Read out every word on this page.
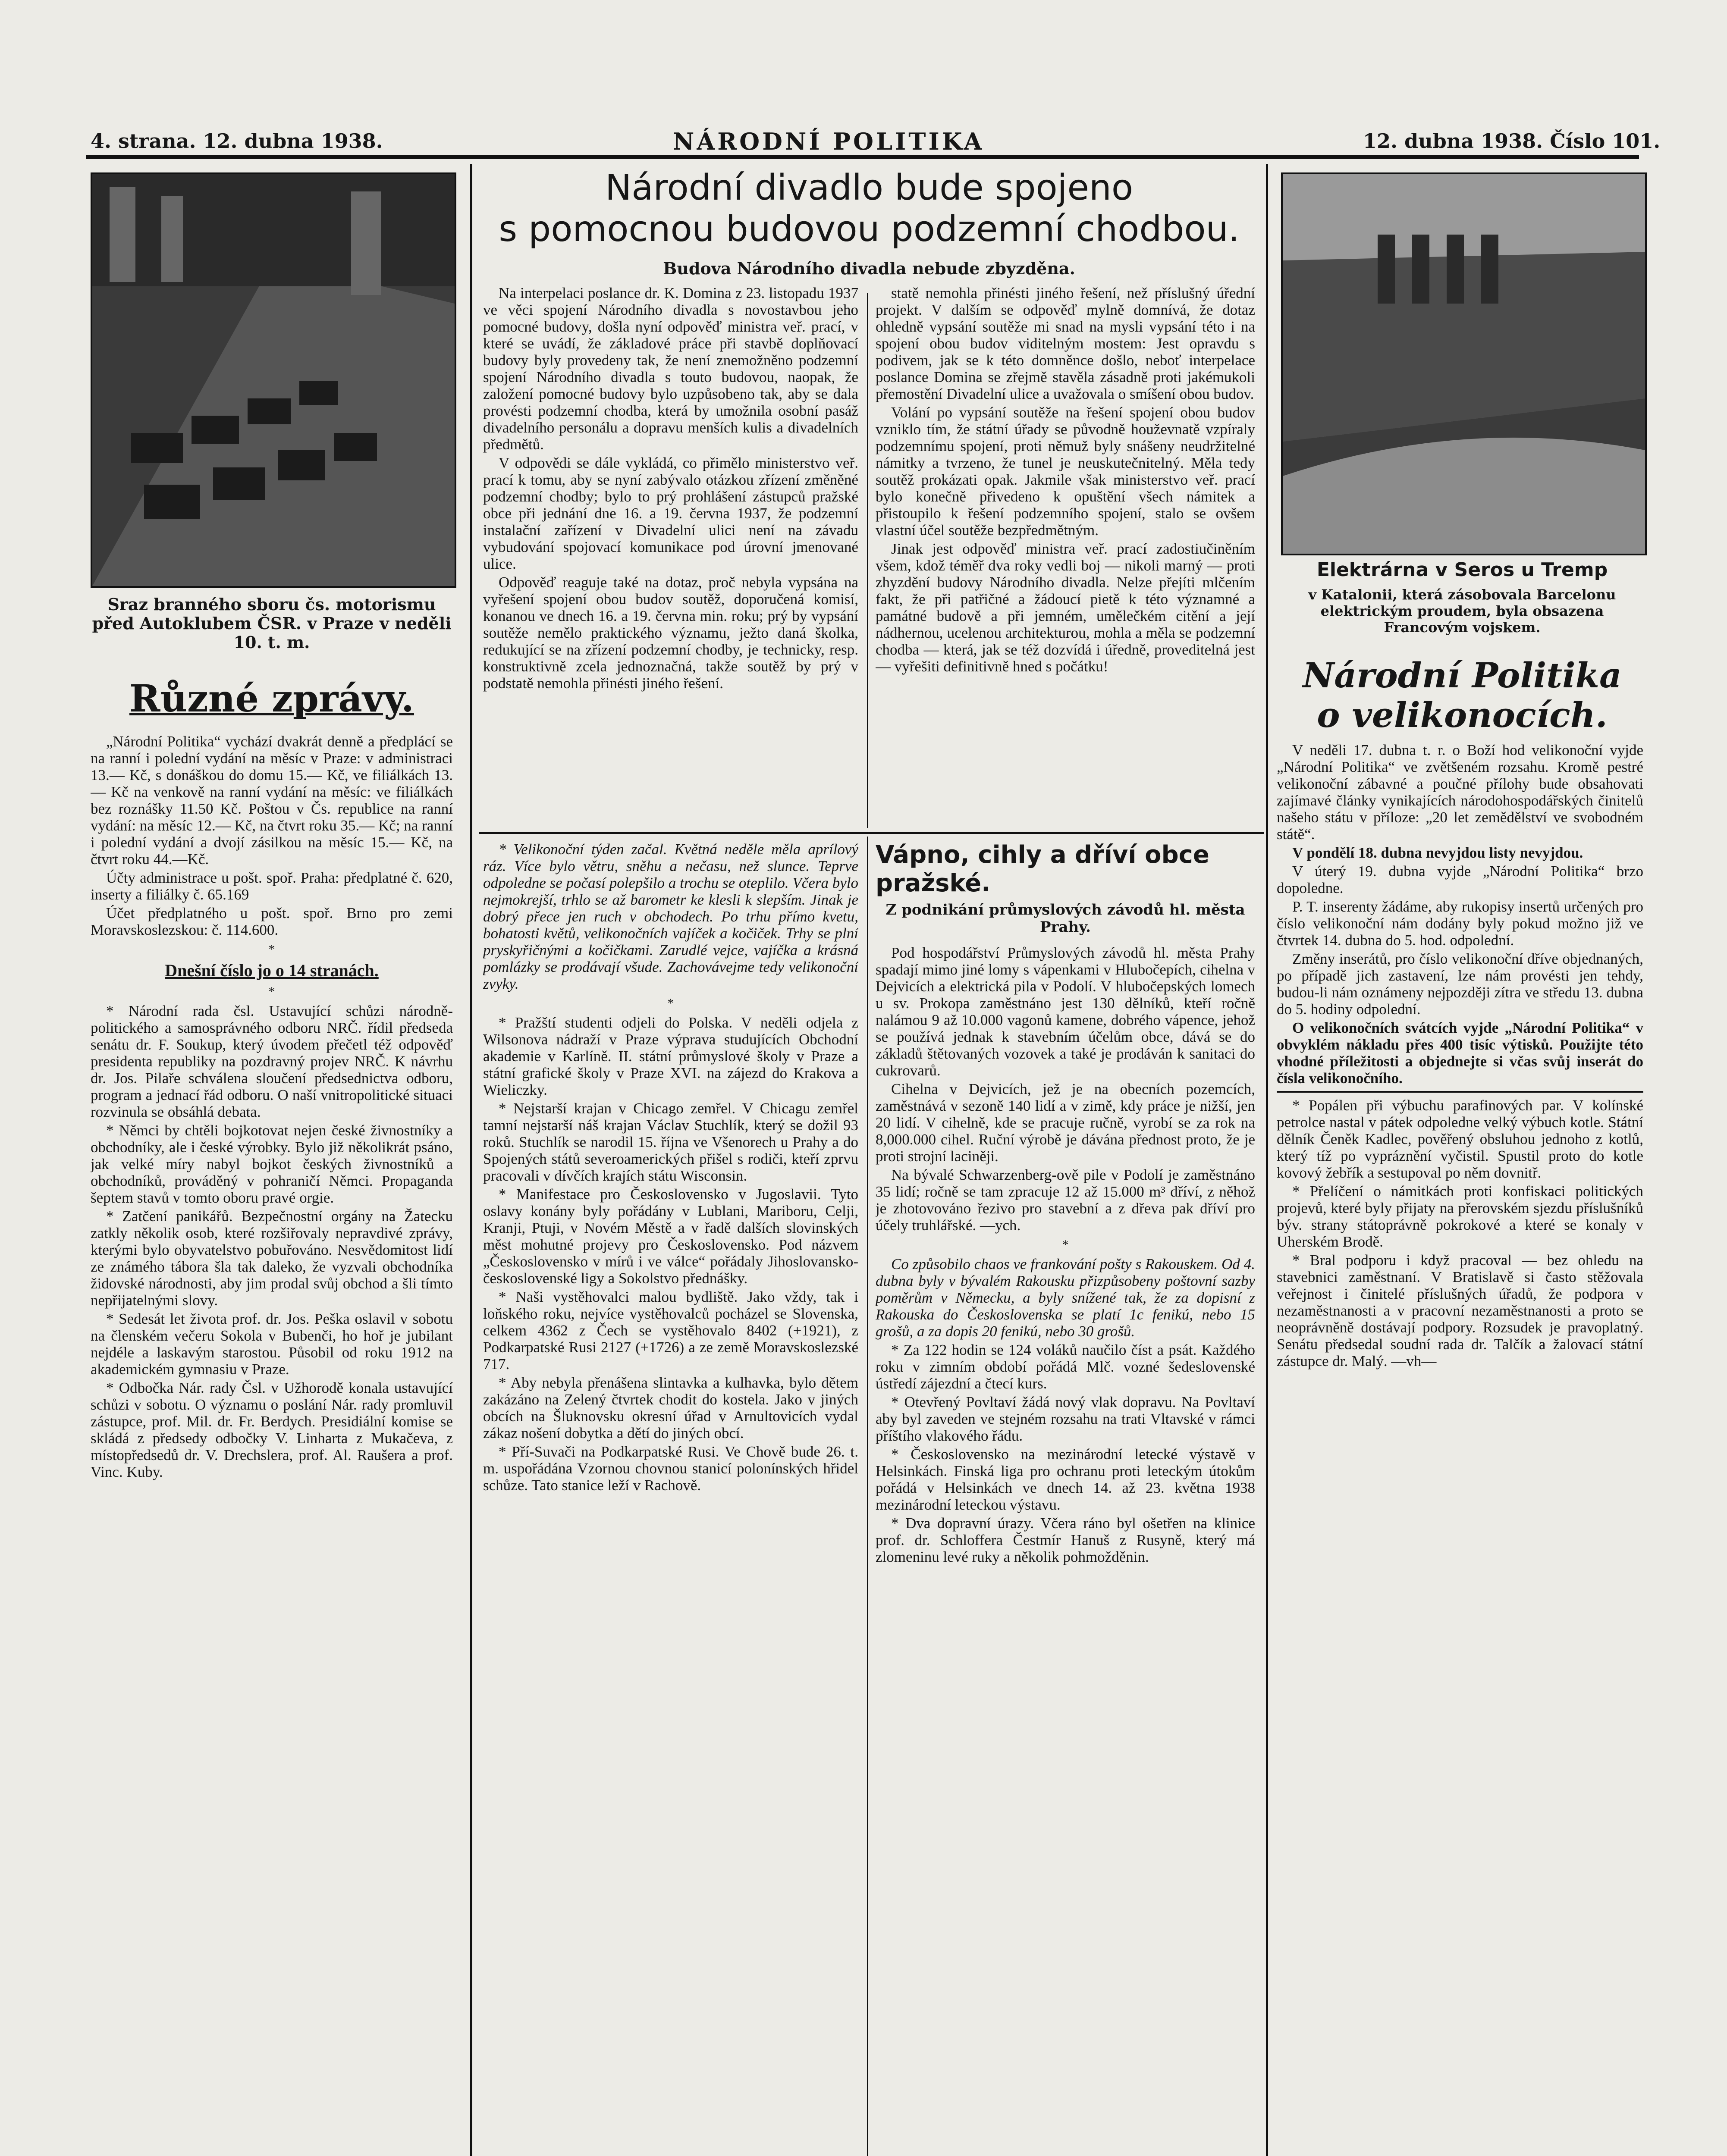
4. strana. 12. dubna 1938.	NÁRODNÍ POLITIKA	12. dubna 1938. Číslo 101.
Sraz branného sboru čs. motorismu před Autoklubem ČSR. v Praze v neděli 10. t. m.
Různé zprávy.

„Národní Politika“ vychází dvakrát denně a předplácí se na ranní i polední vydání na měsíc v Praze: v administraci 13.— Kč, s donáškou do domu 15.— Kč, ve filiálkách 13.— Kč na venkově na ranní vydání na měsíc: ve filiálkách bez roznášky 11.50 Kč. Poštou v Čs. republice na ranní vydání: na měsíc 12.— Kč, na čtvrt roku 35.— Kč; na ranní i polední vydání a dvojí zásilkou na měsíc 15.— Kč, na čtvrt roku 44.—Kč.

Účty administrace u pošt. spoř. Praha: předplatné č. 620, inserty a filiálky č. 65.169

Účet předplatného u pošt. spoř. Brno pro zemi Moravskoslezskou: č. 114.600.

*
Dnešní číslo jo o 14 stranách.
*

* Národní rada čsl. Ustavující schůzi národně-politického a samosprávného odboru NRČ. řídil předseda senátu dr. F. Soukup, který úvodem přečetl též odpověď presidenta republiky na pozdravný projev NRČ. K návrhu dr. Jos. Pilaře schválena sloučení předsednictva odboru, program a jednací řád odboru. O naší vnitropolitické situaci rozvinula se obsáhlá debata.

* Němci by chtěli bojkotovat nejen české živnostníky a obchodníky, ale i české výrobky. Bylo již několikrát psáno, jak velké míry nabyl bojkot českých živnostníků a obchodníků, prováděný v pohraničí Němci. Propaganda šeptem stavů v tomto oboru pravé orgie.

* Zatčení panikářů. Bezpečnostní orgány na Žatecku zatkly několik osob, které rozšiřovaly nepravdivé zprávy, kterými bylo obyvatelstvo pobuřováno. Nesvědomitost lidí ze známého tábora šla tak daleko, že vyzvali obchodníka židovské národnosti, aby jim prodal svůj obchod a šli tímto nepřijatelnými slovy.

* Sedesát let života prof. dr. Jos. Peška oslavil v sobotu na členském večeru Sokola v Bubenči, ho hoř je jubilant nejdéle a laskavým starostou. Působil od roku 1912 na akademickém gymnasiu v Praze.

* Odbočka Nár. rady Čsl. v Užhorodě konala ustavující schůzi v sobotu. O významu o poslání Nár. rady promluvil zástupce, prof. Mil. dr. Fr. Berdych. Presidiální komise se skládá z předsedy odbočky V. Linharta z Mukačeva, z místopředsedů dr. V. Drechslera, prof. Al. Raušera a prof. Vinc. Kuby.

Národní divadlo bude spojeno
s pomocnou budovou podzemní chodbou.
Budova Národního divadla nebude zbyzděna.

Na interpelaci poslance dr. K. Domina z 23. listopadu 1937 ve věci spojení Národního divadla s novostavbou jeho pomocné budovy, došla nyní odpověď ministra veř. prací, v které se uvádí, že základové práce při stavbě doplňovací budovy byly provedeny tak, že není znemožněno podzemní spojení Národního divadla s touto budovou, naopak, že založení pomocné budovy bylo uzpůsobeno tak, aby se dala provésti podzemní chodba, která by umožnila osobní pasáž divadelního personálu a dopravu menších kulis a divadelních předmětů.

V odpovědi se dále vykládá, co přimělo ministerstvo veř. prací k tomu, aby se nyní zabývalo otázkou zřízení změněné podzemní chodby; bylo to prý prohlášení zástupců pražské obce při jednání dne 16. a 19. června 1937, že podzemní instalační zařízení v Divadelní ulici není na závadu vybudování spojovací komunikace pod úrovní jmenované ulice.

Odpověď reaguje také na dotaz, proč nebyla vypsána na vyřešení spojení obou budov soutěž, doporučená komisí, konanou ve dnech 16. a 19. června min. roku; prý by vypsání soutěže nemělo praktického významu, ježto daná školka, redukující se na zřízení podzemní chodby, je technicky, resp. konstruktivně zcela jednoznačná, takže soutěž by prý v podstatě nemohla přinésti jiného řešení.

statě nemohla přinésti jiného řešení, než příslušný úřední projekt. V dalším se odpověď mylně domnívá, že dotaz ohledně vypsání soutěže mi snad na mysli vypsání této i na spojení obou budov viditelným mostem: Jest opravdu s podivem, jak se k této domněnce došlo, neboť interpelace poslance Domina se zřejmě stavěla zásadně proti jakémukoli přemostění Divadelní ulice a uvažovala o smíšení obou budov.

Volání po vypsání soutěže na řešení spojení obou budov vzniklo tím, že státní úřady se původně houževnatě vzpíraly podzemnímu spojení, proti němuž byly snášeny neudržitelné námitky a tvrzeno, že tunel je neuskutečnitelný. Měla tedy soutěž prokázati opak. Jakmile však ministerstvo veř. prací bylo konečně přivedeno k opuštění všech námitek a přistoupilo k řešení podzemního spojení, stalo se ovšem vlastní účel soutěže bezpředmětným.

Jinak jest odpověď ministra veř. prací zadostiučiněním všem, kdož téměř dva roky vedli boj — nikoli marný — proti zhyzdění budovy Národního divadla. Nelze přejíti mlčením fakt, že při patřičné a žádoucí pietě k této významné a památné budově a při jemném, umělečkém citění a její nádhernou, ucelenou architekturou, mohla a měla se podzemní chodba — která, jak se též dozvídá i úředně, proveditelná jest — vyřešiti definitivně hned s počátku!

* Velikonoční týden začal. Květná neděle měla aprílový ráz. Více bylo větru, sněhu a nečasu, než slunce. Teprve odpoledne se počasí polepšilo a trochu se oteplilo. Včera bylo nejmokrejší, trhlo se až barometr ke klesli k slepším. Jinak je dobrý přece jen ruch v obchodech. Po trhu přímo kvetu, bohatosti květů, velikonočních vajíček a kočiček. Trhy se plní pryskyřičnými a kočičkami. Zarudlé vejce, vajíčka a krásná pomlázky se prodávají všude. Zachovávejme tedy velikonoční zvyky.

*

* Pražští studenti odjeli do Polska. V neděli odjela z Wilsonova nádraží v Praze výprava studujících Obchodní akademie v Karlíně. II. státní průmyslové školy v Praze a státní grafické školy v Praze XVI. na zájezd do Krakova a Wieliczky.

* Nejstarší krajan v Chicago zemřel. V Chicagu zemřel tamní nejstarší náš krajan Václav Stuchlík, který se dožil 93 roků. Stuchlík se narodil 15. října ve Všenorech u Prahy a do Spojených států severoamerických přišel s rodiči, kteří zprvu pracovali v dívčích krajích státu Wisconsin.

* Manifestace pro Československo v Jugoslavii. Tyto oslavy konány byly pořádány v Lublani, Mariboru, Celji, Kranji, Ptuji, v Novém Městě a v řadě dalších slovinských měst mohutné projevy pro Československo. Pod názvem „Československo v mírů i ve válce“ pořádaly Jihoslovansko-československé ligy a Sokolstvo přednášky.

* Naši vystěhovalci malou bydliště. Jako vždy, tak i loňského roku, nejvíce vystěhovalců pocházel se Slovenska, celkem 4362 z Čech se vystěhovalo 8402 (+1921), z Podkarpatské Rusi 2127 (+1726) a ze země Moravskoslezské 717.

* Aby nebyla přenášena slintavka a kulhavka, bylo dětem zakázáno na Zelený čtvrtek chodit do kostela. Jako v jiných obcích na Šluknovsku okresní úřad v Arnultovicích vydal zákaz nošení dobytka a dětí do jiných obcí.

* Pří-Suvači na Podkarpatské Rusi. Ve Chově bude 26. t. m. uspořádána Vzornou chovnou stanicí polonínských hřidel schůze. Tato stanice leží v Rachově.

Vápno, cihly a dříví obce pražské.
Z podnikání průmyslových závodů hl. města Prahy.

Pod hospodářství Průmyslových závodů hl. města Prahy spadají mimo jiné lomy s vápenkami v Hlubočepích, cihelna v Dejvicích a elektrická pila v Podolí. V hlubočepských lomech u sv. Prokopa zaměstnáno jest 130 dělníků, kteří ročně nalámou 9 až 10.000 vagonů kamene, dobrého vápence, jehož se používá jednak k stavebním účelům obce, dává se do základů štětovaných vozovek a také je prodáván k sanitaci do cukrovarů.

Cihelna v Dejvicích, jež je na obecních pozemcích, zaměstnává v sezoně 140 lidí a v zimě, kdy práce je nižší, jen 20 lidí. V cihelně, kde se pracuje ručně, vyrobí se za rok na 8,000.000 cihel. Ruční výrobě je dávána přednost proto, že je proti strojní laciněji.

Na bývalé Schwarzenberg-ově pile v Podolí je zaměstnáno 35 lidí; ročně se tam zpracuje 12 až 15.000 m³ dříví, z něhož je zhotovováno řezivo pro stavební a z dřeva pak dříví pro účely truhlářské. —ych.

*

Co způsobilo chaos ve frankování pošty s Rakouskem. Od 4. dubna byly v bývalém Rakousku přizpůsobeny poštovní sazby poměrům v Německu, a byly snížené tak, že za dopisní z Rakouska do Československa se platí 1c fenikú, nebo 15 grošů, a za dopis 20 fenikú, nebo 30 grošů.

* Za 122 hodin se 124 voláků naučilo číst a psát. Každého roku v zimním období pořádá Mlč. vozné šedeslovenské ústředí zájezdní a čtecí kurs.

* Otevřený Povltaví žádá nový vlak dopravu. Na Povltaví aby byl zaveden ve stejném rozsahu na trati Vltavské v rámci příštího vlakového řádu.

* Československo na mezinárodní letecké výstavě v Helsinkách. Finská liga pro ochranu proti leteckým útokům pořádá v Helsinkách ve dnech 14. až 23. května 1938 mezinárodní leteckou výstavu.

* Dva dopravní úrazy. Včera ráno byl ošetřen na klinice prof. dr. Schloffera Čestmír Hanuš z Rusyně, který má zlomeninu levé ruky a několik pohmožděnin.

Elektrárna v Seros u Tremp
v Katalonii, která zásobovala Barcelonu elektrickým proudem, byla obsazena Francovým vojskem.
Národní Politika
o velikonocích.

V neděli 17. dubna t. r. o Boží hod velikonoční vyjde „Národní Politika“ ve zvětšeném rozsahu. Kromě pestré velikonoční zábavné a poučné přílohy bude obsahovati zajímavé články vynikajících národohospodářských činitelů našeho státu v příloze: „20 let zemědělství ve svobodném státě“.

V pondělí 18. dubna nevyjdou listy nevyjdou.

V úterý 19. dubna vyjde „Národní Politika“ brzo dopoledne.

P. T. inserenty žádáme, aby rukopisy insertů určených pro číslo velikonoční nám dodány byly pokud možno již ve čtvrtek 14. dubna do 5. hod. odpolední.

Změny inserátů, pro číslo velikonoční dříve objednaných, po případě jich zastavení, lze nám provésti jen tehdy, budou-li nám oznámeny nejpozději zítra ve středu 13. dubna do 5. hodiny odpolední.

O velikonočních svátcích vyjde „Národní Politika“ v obvyklém nákladu přes 400 tisíc výtisků. Použijte této vhodné příležitosti a objednejte si včas svůj inserát do čísla velikonočního.

* Popálen při výbuchu parafinových par. V kolínské petrolce nastal v pátek odpoledne velký výbuch kotle. Státní dělník Čeněk Kadlec, pověřený obsluhou jednoho z kotlů, který tíž po vypráznění vyčistil. Spustil proto do kotle kovový žebřík a sestupoval po něm dovnitř.

* Přelíčení o námitkách proti konfiskaci politických projevů, které byly přijaty na přerovském sjezdu příslušníků býv. strany státoprávně pokrokové a které se konaly v Uherském Brodě.

* Bral podporu i když pracoval — bez ohledu na stavebnici zaměstnaní. V Bratislavě si často stěžovala veřejnost i činitelé příslušných úřadů, že podpora v nezaměstnanosti a v pracovní nezaměstnanosti a proto se neoprávněně dostávají podpory. Rozsudek je pravoplatný. Senátu předsedal soudní rada dr. Talčík a žalovací státní zástupce dr. Malý. —vh—
